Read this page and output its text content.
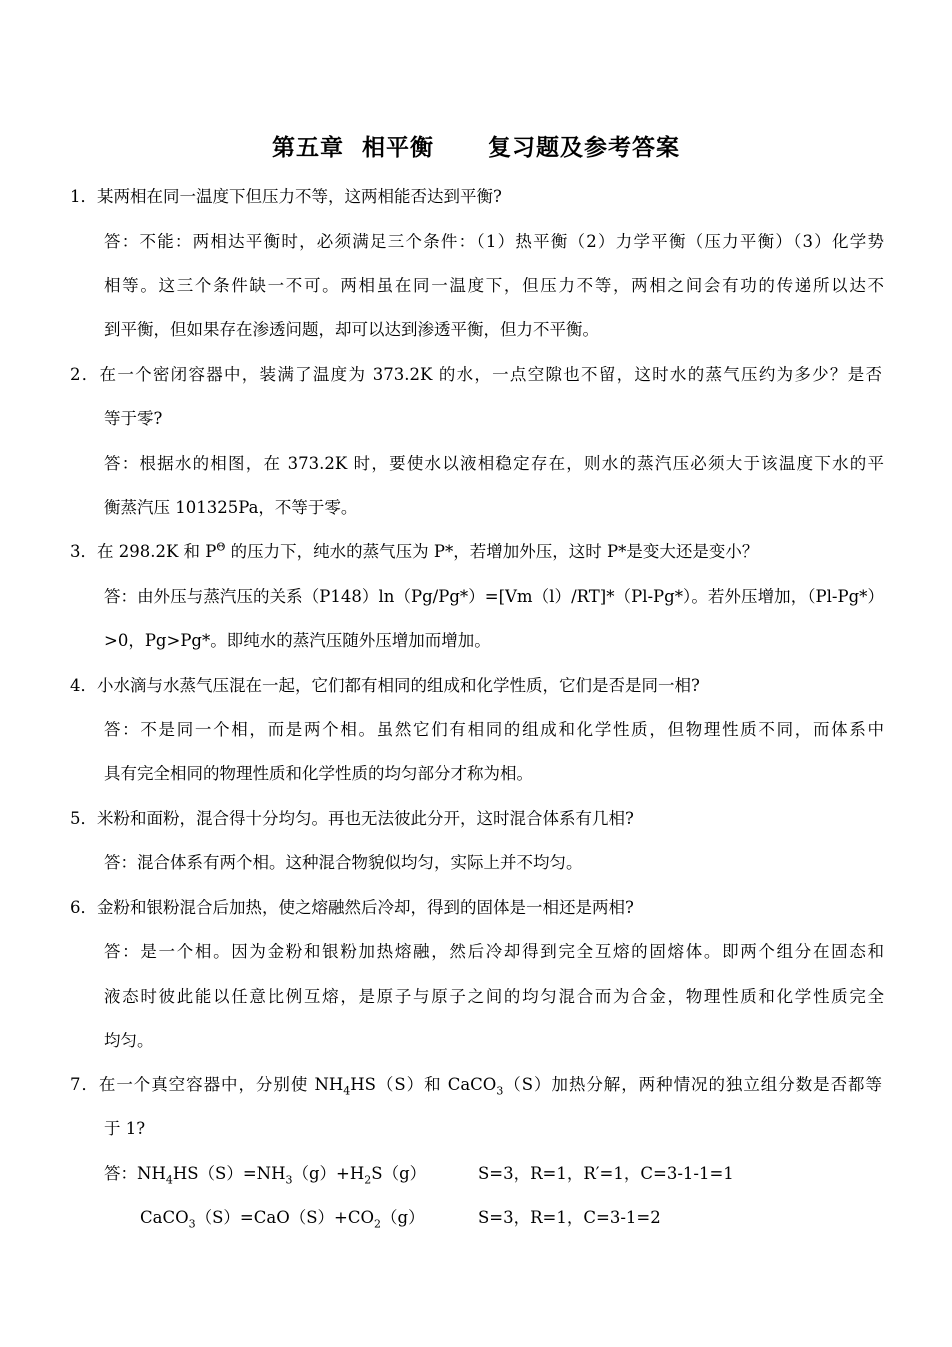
第五章  相平衡      复习题及参考答案
1．某两相在同一温度下但压力不等，这两相能否达到平衡?
答：不能：两相达平衡时，必须满足三个条件：（1）热平衡（2）力学平衡（压力平衡）（3）化学势
相等。这三个条件缺一不可。两相虽在同一温度下，但压力不等，两相之间会有功的传递所以达不
到平衡，但如果存在渗透问题，却可以达到渗透平衡，但力不平衡。
2．在一个密闭容器中，装满了温度为 373.2K 的水，一点空隙也不留，这时水的蒸气压约为多少？是否
等于零?
答：根据水的相图，在 373.2K 时，要使水以液相稳定存在，则水的蒸汽压必须大于该温度下水的平
衡蒸汽压 101325Pa，不等于零。
3．在 298.2K 和 $P^\Theta$ 的压力下，纯水的蒸气压为 P*，若增加外压，这时 P*是变大还是变小？
答：由外压与蒸汽压的关系（P148）ln（Pg/Pg*）=[Vm（l）/RT]*（Pl-Pg*）。若外压增加，（Pl-Pg*）
>0，Pg>Pg*。即纯水的蒸汽压随外压增加而增加。
4．小水滴与水蒸气压混在一起，它们都有相同的组成和化学性质，它们是否是同一相?
答：不是同一个相，而是两个相。虽然它们有相同的组成和化学性质，但物理性质不同，而体系中
具有完全相同的物理性质和化学性质的均匀部分才称为相。
5．米粉和面粉，混合得十分均匀。再也无法彼此分开，这时混合体系有几相?
答：混合体系有两个相。这种混合物貌似均匀，实际上并不均匀。
6．金粉和银粉混合后加热，使之熔融然后冷却，得到的固体是一相还是两相?
答：是一个相。因为金粉和银粉加热熔融，然后冷却得到完全互熔的固熔体。即两个组分在固态和
液态时彼此能以任意比例互熔，是原子与原子之间的均匀混合而为合金，物理性质和化学性质完全
均匀。
7．在一个真空容器中，分别使 $NH_4HS(S)$和 CaCO$_3$（S）加热分解，两种情况的独立组分数是否都等
于 1?
答：$NH_4HS(S)=NH_3(g)+H_2S(g)$	S=3，R=1，R′=1，C=3-1-1=1
$CaCO_3(S)=CaO(S)+CO_2(g)$	S=3，R=1，C=3-1=2
